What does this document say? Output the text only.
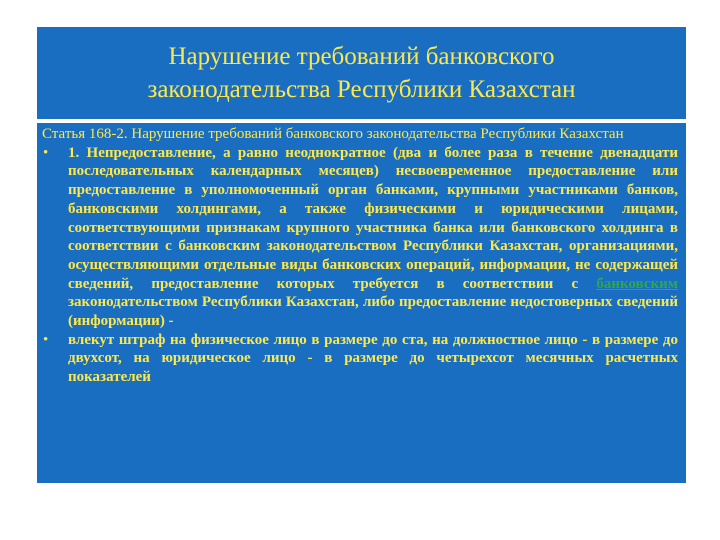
Нарушение требований банковского
законодательства Республики Казахстан

Статья 168-2. Нарушение требований банковского законодательства Республики Казахстан

• 1. Непредоставление, а равно неоднократное (два и более раза в течение двенадцати последовательных календарных месяцев) несвоевременное предоставление или предоставление в уполномоченный орган банками, крупными участниками банков, банковскими холдингами, а также физическими и юридическими лицами, соответствующими признакам крупного участника банка или банковского холдинга в соответствии с банковским законодательством Республики Казахстан, организациями, осуществляющими отдельные виды банковских операций, информации, не содержащей сведений, предоставление которых требуется в соответствии с банковским законодательством Республики Казахстан, либо предоставление недостоверных сведений (информации) -
• влекут штраф на физическое лицо в размере до ста, на должностное лицо - в размере до двухсот, на юридическое лицо - в размере до четырехсот месячных расчетных показателей
